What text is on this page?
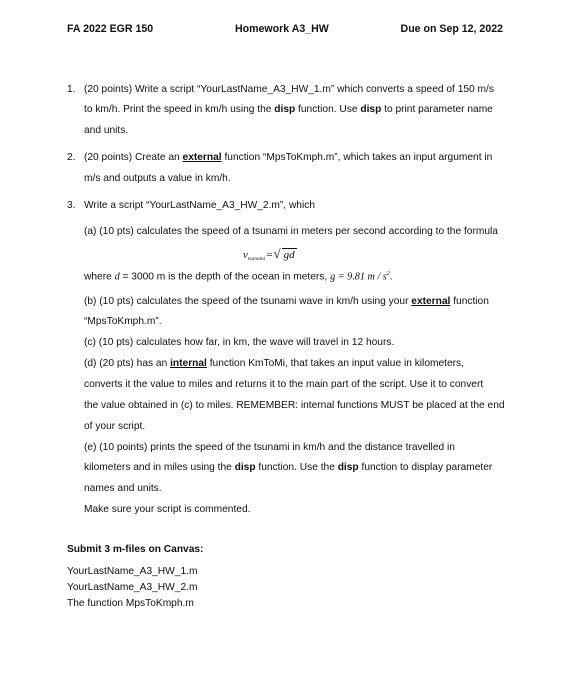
FA 2022 EGR 150	Homework A3_HW	Due on Sep 12, 2022
1. (20 points) Write a script “YourLastName_A3_HW_1.m” which converts a speed of 150 m/s
to km/h. Print the speed in km/h using the disp function. Use disp to print parameter name
and units.
2. (20 points) Create an external function “MpsToKmph.m”, which takes an input argument in
m/s and outputs a value in km/h.
3. Write a script “YourLastName_A3_HW_2.m”, which
(a) (10 pts) calculates the speed of a tsunami in meters per second according to the formula
$v_{tsunami}=√$ gd
where d = 3000 m is the depth of the ocean in meters, g = 9.81 m / $s^2$.
(b) (10 pts) calculates the speed of the tsunami wave in km/h using your external function
“MpsToKmph.m”.
(c) (10 pts) calculates how far, in km, the wave will travel in 12 hours.
(d) (20 pts) has an internal function KmToMi, that takes an input value in kilometers,
converts it the value to miles and returns it to the main part of the script. Use it to convert
the value obtained in (c) to miles. REMEMBER: internal functions MUST be placed at the end
of your script.
(e) (10 points) prints the speed of the tsunami in km/h and the distance travelled in
kilometers and in miles using the disp function. Use the disp function to display parameter
names and units.
Make sure your script is commented.
Submit 3 m-files on Canvas:
YourLastName_A3_HW_1.m
YourLastName_A3_HW_2.m
The function MpsToKmph.m
